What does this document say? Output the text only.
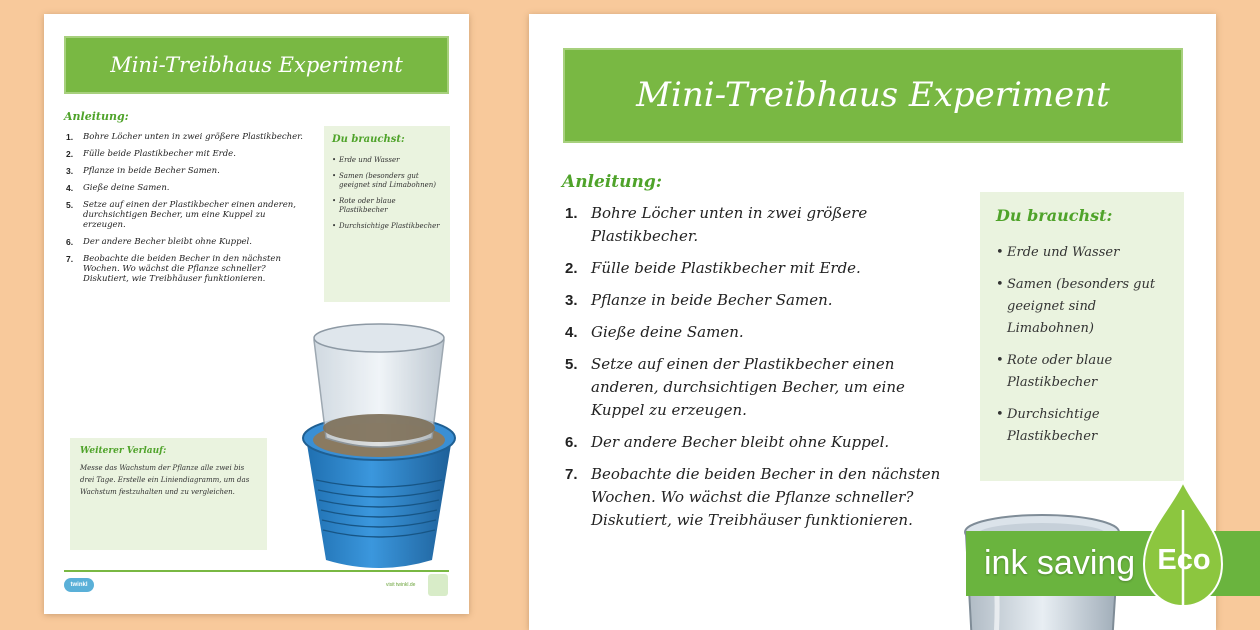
Mini-Treibhaus Experiment
Anleitung:
1. Bohre Löcher unten in zwei größere Plastikbecher.
2. Fülle beide Plastikbecher mit Erde.
3. Pflanze in beide Becher Samen.
4. Gieße deine Samen.
5. Setze auf einen der Plastikbecher einen anderen, durchsichtigen Becher, um eine Kuppel zu erzeugen.
6. Der andere Becher bleibt ohne Kuppel.
7. Beobachte die beiden Becher in den nächsten Wochen. Wo wächst die Pflanze schneller? Diskutiert, wie Treibhäuser funktionieren.
Du brauchst:
• Erde und Wasser
• Samen (besonders gut geeignet sind Limabohnen)
• Rote oder blaue Plastikbecher
• Durchsichtige Plastikbecher
Weiterer Verlauf:
Messe das Wachstum der Pflanze alle zwei bis drei Tage. Erstelle ein Liniendiagramm, um das Wachstum festzuhalten und zu vergleichen.
twinkl	visit twinkl.de
Mini-Treibhaus Experiment
Anleitung:
1. Bohre Löcher unten in zwei größere Plastikbecher.
2. Fülle beide Plastikbecher mit Erde.
3. Pflanze in beide Becher Samen.
4. Gieße deine Samen.
5. Setze auf einen der Plastikbecher einen anderen, durchsichtigen Becher, um eine Kuppel zu erzeugen.
6. Der andere Becher bleibt ohne Kuppel.
7. Beobachte die beiden Becher in den nächsten Wochen. Wo wächst die Pflanze schneller? Diskutiert, wie Treibhäuser funktionieren.
Du brauchst:
• Erde und Wasser
• Samen (besonders gut geeignet sind Limabohnen)
• Rote oder blaue Plastikbecher
• Durchsichtige Plastikbecher
ink saving Eco
